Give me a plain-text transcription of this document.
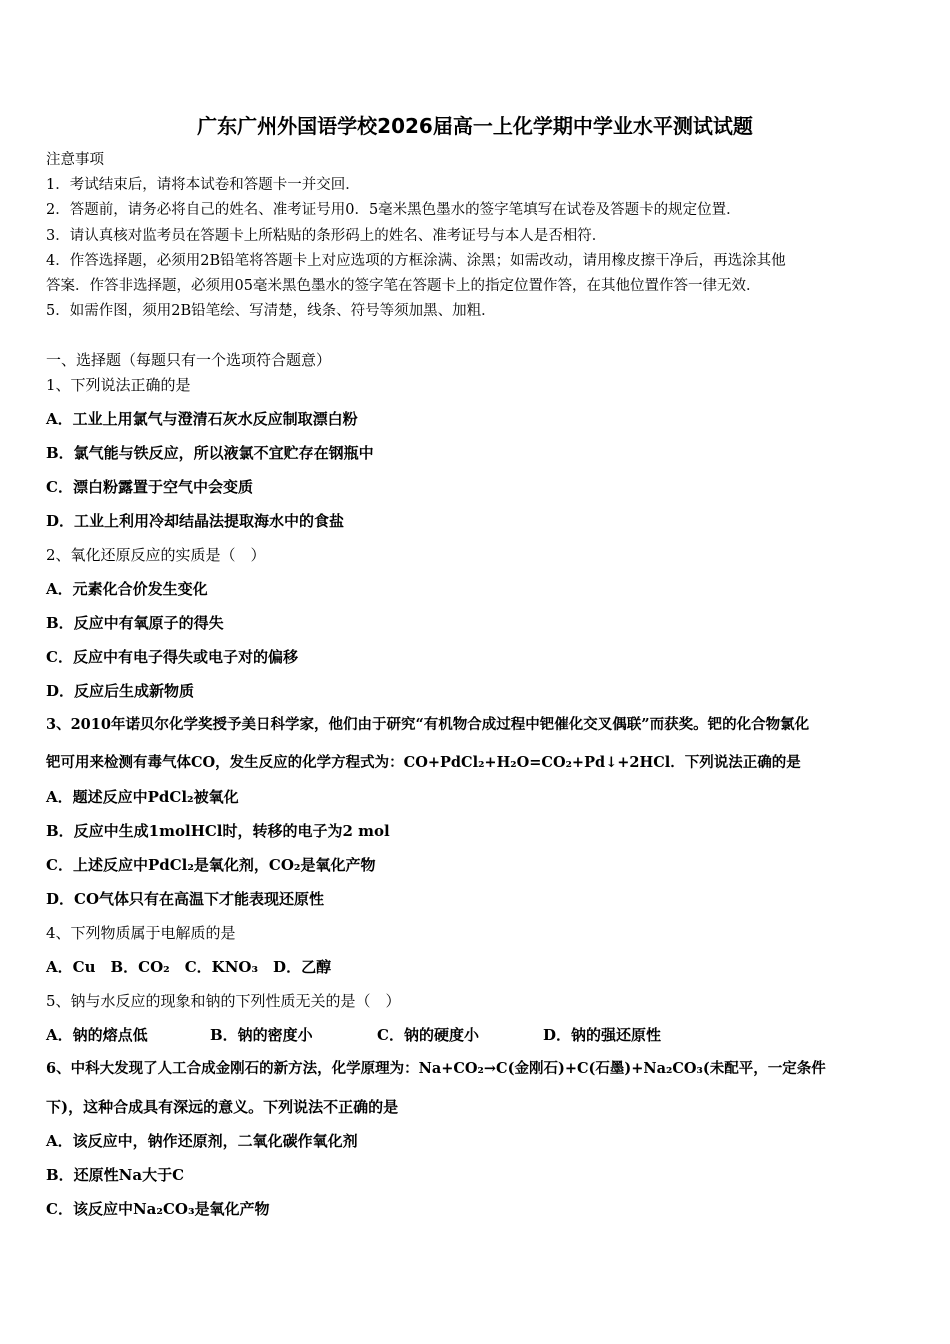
广东广州外国语学校2026届高一上化学期中学业水平测试试题
注意事项
1．考试结束后，请将本试卷和答题卡一并交回．
2．答题前，请务必将自己的姓名、准考证号用0．5毫米黑色墨水的签字笔填写在试卷及答题卡的规定位置．
3．请认真核对监考员在答题卡上所粘贴的条形码上的姓名、准考证号与本人是否相符．
4．作答选择题，必须用2B铅笔将答题卡上对应选项的方框涂满、涂黑；如需改动，请用橡皮擦干净后，再选涂其他
答案．作答非选择题，必须用05毫米黑色墨水的签字笔在答题卡上的指定位置作答，在其他位置作答一律无效．
5．如需作图，须用2B铅笔绘、写清楚，线条、符号等须加黑、加粗．
一、选择题（每题只有一个选项符合题意）
1、下列说法正确的是
A．工业上用氯气与澄清石灰水反应制取漂白粉
B．氯气能与铁反应，所以液氯不宜贮存在钢瓶中
C．漂白粉露置于空气中会变质
D．工业上利用冷却结晶法提取海水中的食盐
2、氧化还原反应的实质是（　）
A．元素化合价发生变化
B．反应中有氧原子的得失
C．反应中有电子得失或电子对的偏移
D．反应后生成新物质
3、2010年诺贝尔化学奖授予美日科学家，他们由于研究“有机物合成过程中钯催化交叉偶联”而获奖。钯的化合物氯化
钯可用来检测有毒气体CO，发生反应的化学方程式为：CO+PdCl₂+H₂O=CO₂+Pd↓+2HCl．下列说法正确的是
A．题述反应中PdCl₂被氧化
B．反应中生成1molHCl时，转移的电子为2 mol
C．上述反应中PdCl₂是氧化剂，CO₂是氧化产物
D．CO气体只有在高温下才能表现还原性
4、下列物质属于电解质的是
A．Cu　B．CO₂　C．KNO₃　D．乙醇
5、钠与水反应的现象和钠的下列性质无关的是（　）
A．钠的熔点低	B．钠的密度小	C．钠的硬度小	D．钠的强还原性
6、中科大发现了人工合成金刚石的新方法，化学原理为：Na+CO₂→C(金刚石)+C(石墨)+Na₂CO₃(未配平，一定条件
下)，这种合成具有深远的意义。下列说法不正确的是
A．该反应中，钠作还原剂，二氧化碳作氧化剂
B．还原性Na大于C
C．该反应中Na₂CO₃是氧化产物
